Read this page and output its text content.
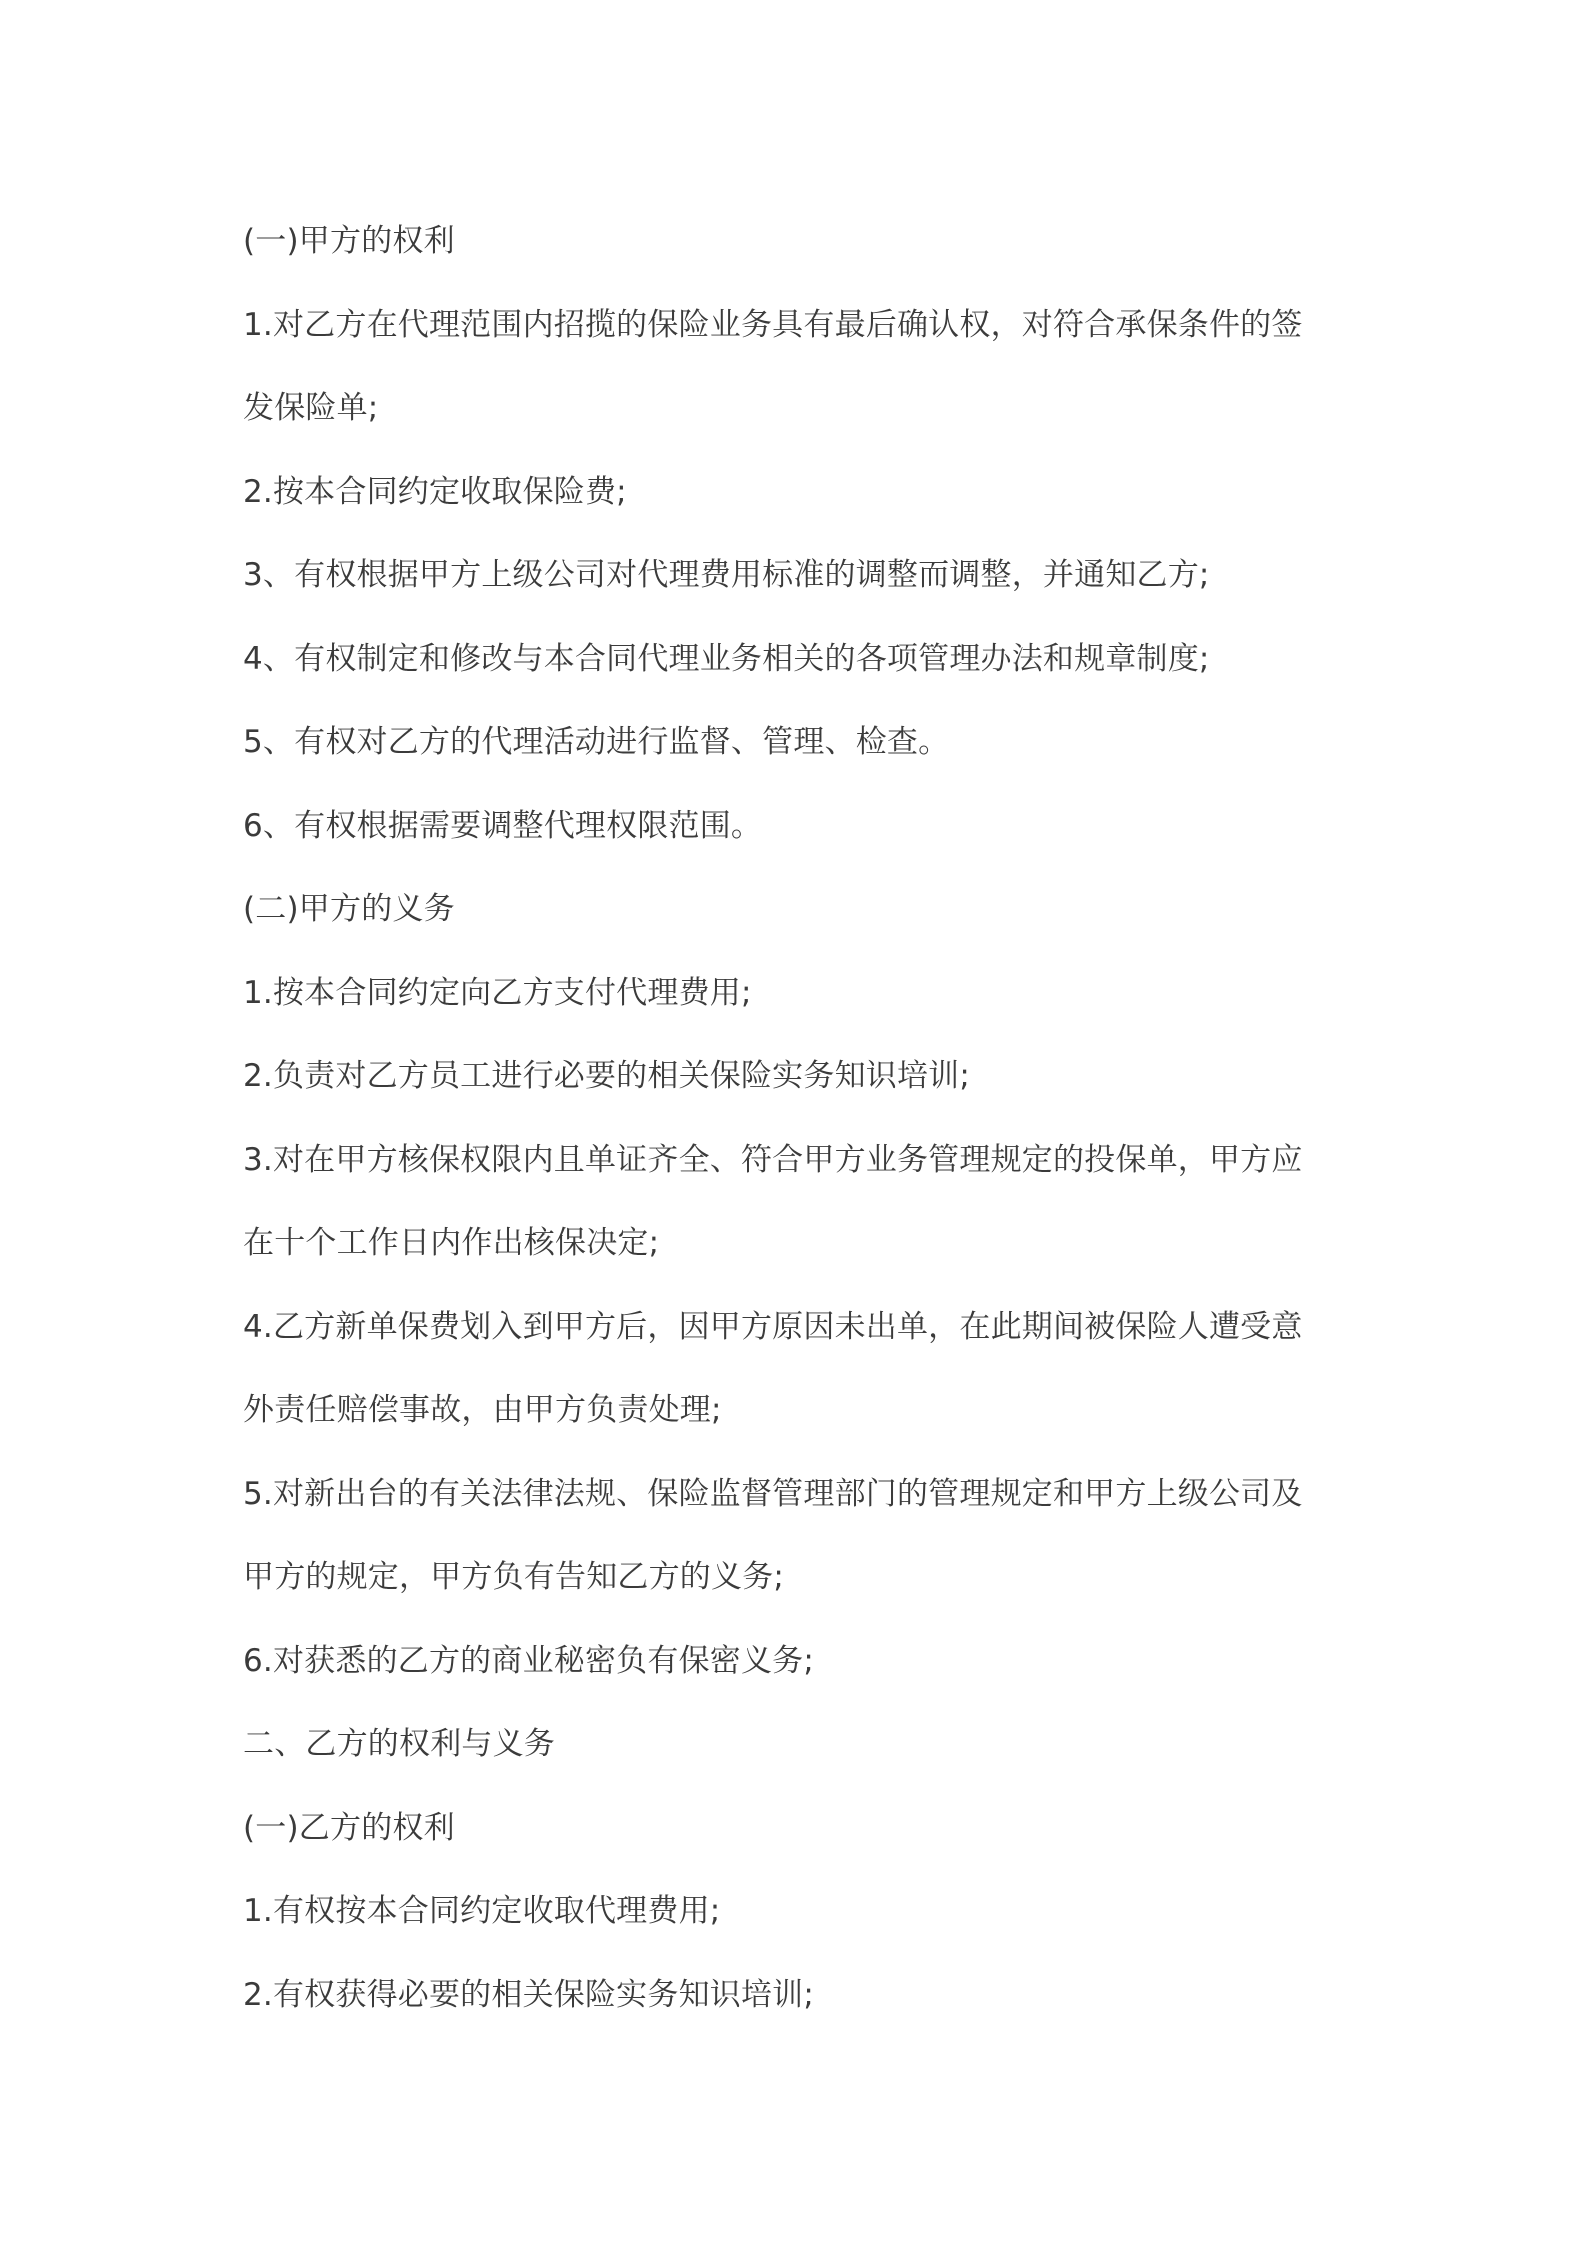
(一)甲方的权利
1.对乙方在代理范围内招揽的保险业务具有最后确认权，对符合承保条件的签
发保险单;
2.按本合同约定收取保险费;
3、有权根据甲方上级公司对代理费用标准的调整而调整，并通知乙方;
4、有权制定和修改与本合同代理业务相关的各项管理办法和规章制度;
5、有权对乙方的代理活动进行监督、管理、检查。
6、有权根据需要调整代理权限范围。
(二)甲方的义务
1.按本合同约定向乙方支付代理费用;
2.负责对乙方员工进行必要的相关保险实务知识培训;
3.对在甲方核保权限内且单证齐全、符合甲方业务管理规定的投保单，甲方应
在十个工作日内作出核保决定;
4.乙方新单保费划入到甲方后，因甲方原因未出单，在此期间被保险人遭受意
外责任赔偿事故，由甲方负责处理;
5.对新出台的有关法律法规、保险监督管理部门的管理规定和甲方上级公司及
甲方的规定，甲方负有告知乙方的义务;
6.对获悉的乙方的商业秘密负有保密义务;
二、乙方的权利与义务
(一)乙方的权利
1.有权按本合同约定收取代理费用;
2.有权获得必要的相关保险实务知识培训;
